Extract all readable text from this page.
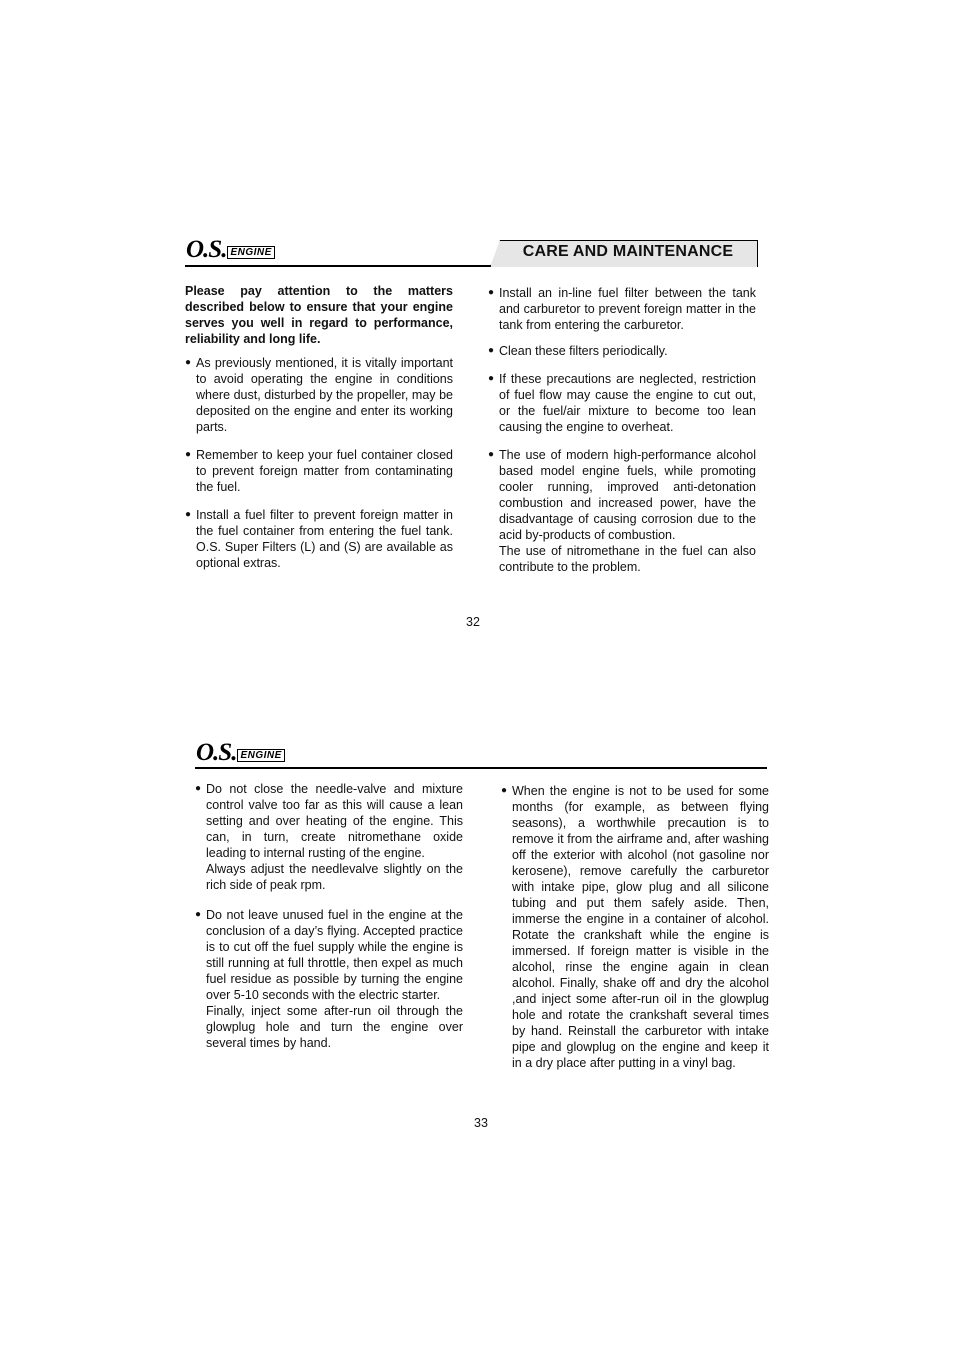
O.S. ENGINE	CARE AND MAINTENANCE

Please pay attention to the matters described below to ensure that your engine serves you well in regard to performance, reliability and long life.

● As previously mentioned, it is vitally important to avoid operating the engine in conditions where dust, disturbed by the propeller, may be deposited on the engine and enter its working parts.

● Remember to keep your fuel container closed to prevent foreign matter from contaminating the fuel.

● Install a fuel filter to prevent foreign matter in the fuel container from entering the fuel tank. O.S. Super Filters (L) and (S) are available as optional extras.

● Install an in-line fuel filter between the tank and carburetor to prevent foreign matter in the tank from entering the carburetor.

● Clean these filters periodically.

● If these precautions are neglected, restriction of fuel flow may cause the engine to cut out, or the fuel/air mixture to become too lean causing the engine to overheat.

● The use of modern high-performance alcohol based model engine fuels, while promoting cooler running, improved anti-detonation combustion and increased power, have the disadvantage of causing corrosion due to the acid by-products of combustion.

The use of nitromethane in the fuel can also contribute to the problem.

32
O.S. ENGINE
● Do not close the needle-valve and mixture control valve too far as this will cause a lean setting and over heating of the engine. This can, in turn, create nitromethane oxide leading to internal rusting of the engine.

Always adjust the needlevalve slightly on the rich side of peak rpm.

● Do not leave unused fuel in the engine at the conclusion of a day’s flying. Accepted practice is to cut off the fuel supply while the engine is still running at full throttle, then expel as much fuel residue as possible by turning the engine over 5-10 seconds with the electric starter.

Finally, inject some after-run oil through the glowplug hole and turn the engine over several times by hand.

● When the engine is not to be used for some months (for example, as between flying seasons), a worthwhile precaution is to remove it from the airframe and, after washing off the exterior with alcohol (not gasoline nor kerosene), remove carefully the carburetor with intake pipe, glow plug and all silicone tubing and put them safely aside. Then, immerse the engine in a container of alcohol. Rotate the crankshaft while the engine is immersed. If foreign matter is visible in the alcohol, rinse the engine again in clean alcohol. Finally, shake off and dry the alcohol ,and inject some after-run oil in the glowplug hole and rotate the crankshaft several times by hand. Reinstall the carburetor with intake pipe and glowplug on the engine and keep it in a dry place after putting in a vinyl bag.

33
